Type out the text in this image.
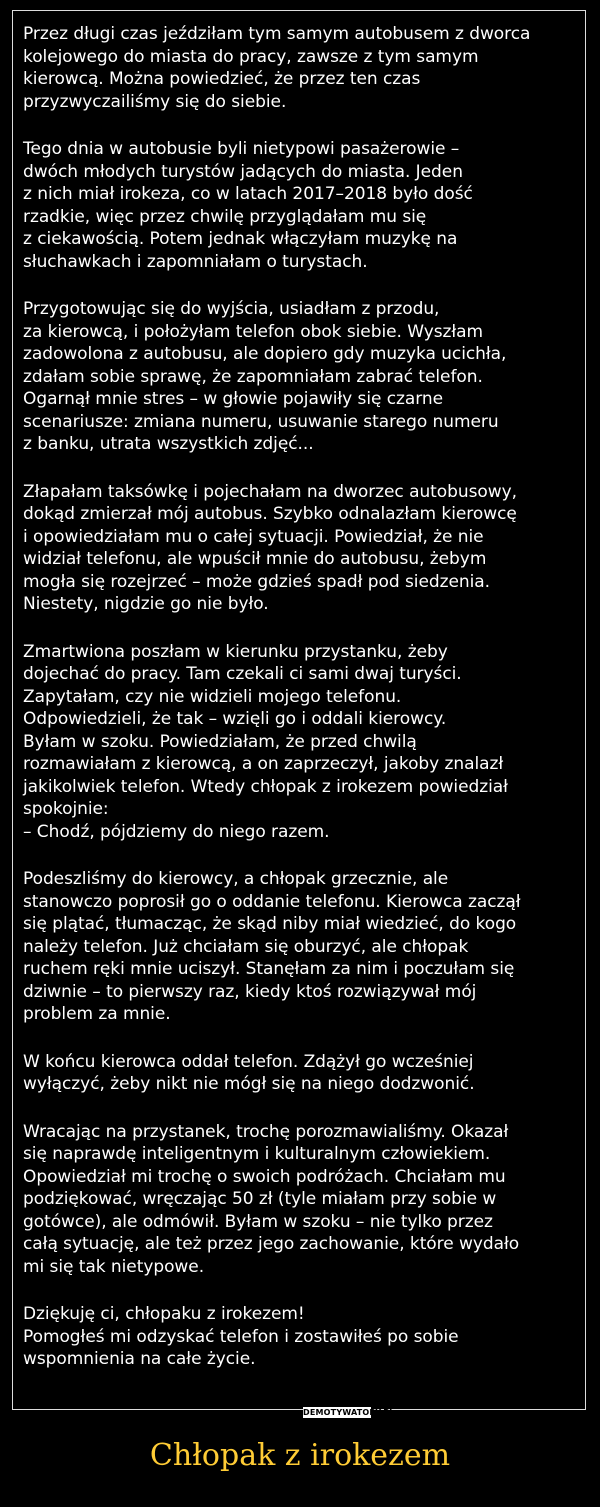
Przez długi czas jeździłam tym samym autobusem z dworca
kolejowego do miasta do pracy, zawsze z tym samym
kierowcą. Można powiedzieć, że przez ten czas
przyzwyczailiśmy się do siebie.

Tego dnia w autobusie byli nietypowi pasażerowie –
dwóch młodych turystów jadących do miasta. Jeden
z nich miał irokeza, co w latach 2017–2018 było dość
rzadkie, więc przez chwilę przyglądałam mu się
z ciekawością. Potem jednak włączyłam muzykę na
słuchawkach i zapomniałam o turystach.

Przygotowując się do wyjścia, usiadłam z przodu,
za kierowcą, i położyłam telefon obok siebie. Wyszłam
zadowolona z autobusu, ale dopiero gdy muzyka ucichła,
zdałam sobie sprawę, że zapomniałam zabrać telefon.
Ogarnął mnie stres – w głowie pojawiły się czarne
scenariusze: zmiana numeru, usuwanie starego numeru
z banku, utrata wszystkich zdjęć...

Złapałam taksówkę i pojechałam na dworzec autobusowy,
dokąd zmierzał mój autobus. Szybko odnalazłam kierowcę
i opowiedziałam mu o całej sytuacji. Powiedział, że nie
widział telefonu, ale wpuścił mnie do autobusu, żebym
mogła się rozejrzeć – może gdzieś spadł pod siedzenia.
Niestety, nigdzie go nie było.

Zmartwiona poszłam w kierunku przystanku, żeby
dojechać do pracy. Tam czekali ci sami dwaj turyści.
Zapytałam, czy nie widzieli mojego telefonu.
Odpowiedzieli, że tak – wzięli go i oddali kierowcy.
Byłam w szoku. Powiedziałam, że przed chwilą
rozmawiałam z kierowcą, a on zaprzeczył, jakoby znalazł
jakikolwiek telefon. Wtedy chłopak z irokezem powiedział
spokojnie:
– Chodź, pójdziemy do niego razem.

Podeszliśmy do kierowcy, a chłopak grzecznie, ale
stanowczo poprosił go o oddanie telefonu. Kierowca zaczął
się plątać, tłumacząc, że skąd niby miał wiedzieć, do kogo
należy telefon. Już chciałam się oburzyć, ale chłopak
ruchem ręki mnie uciszył. Stanęłam za nim i poczułam się
dziwnie – to pierwszy raz, kiedy ktoś rozwiązywał mój
problem za mnie.

W końcu kierowca oddał telefon. Zdążył go wcześniej
wyłączyć, żeby nikt nie mógł się na niego dodzwonić.

Wracając na przystanek, trochę porozmawialiśmy. Okazał
się naprawdę inteligentnym i kulturalnym człowiekiem.
Opowiedział mi trochę o swoich podróżach. Chciałam mu
podziękować, wręczając 50 zł (tyle miałam przy sobie w
gotówce), ale odmówił. Byłam w szoku – nie tylko przez
całą sytuację, ale też przez jego zachowanie, które wydało
mi się tak nietypowe.

Dziękuję ci, chłopaku z irokezem!
Pomogłeś mi odzyskać telefon i zostawiłeś po sobie
wspomnienia na całe życie.

DEMOTYWATORY.PL
Chłopak z irokezem
